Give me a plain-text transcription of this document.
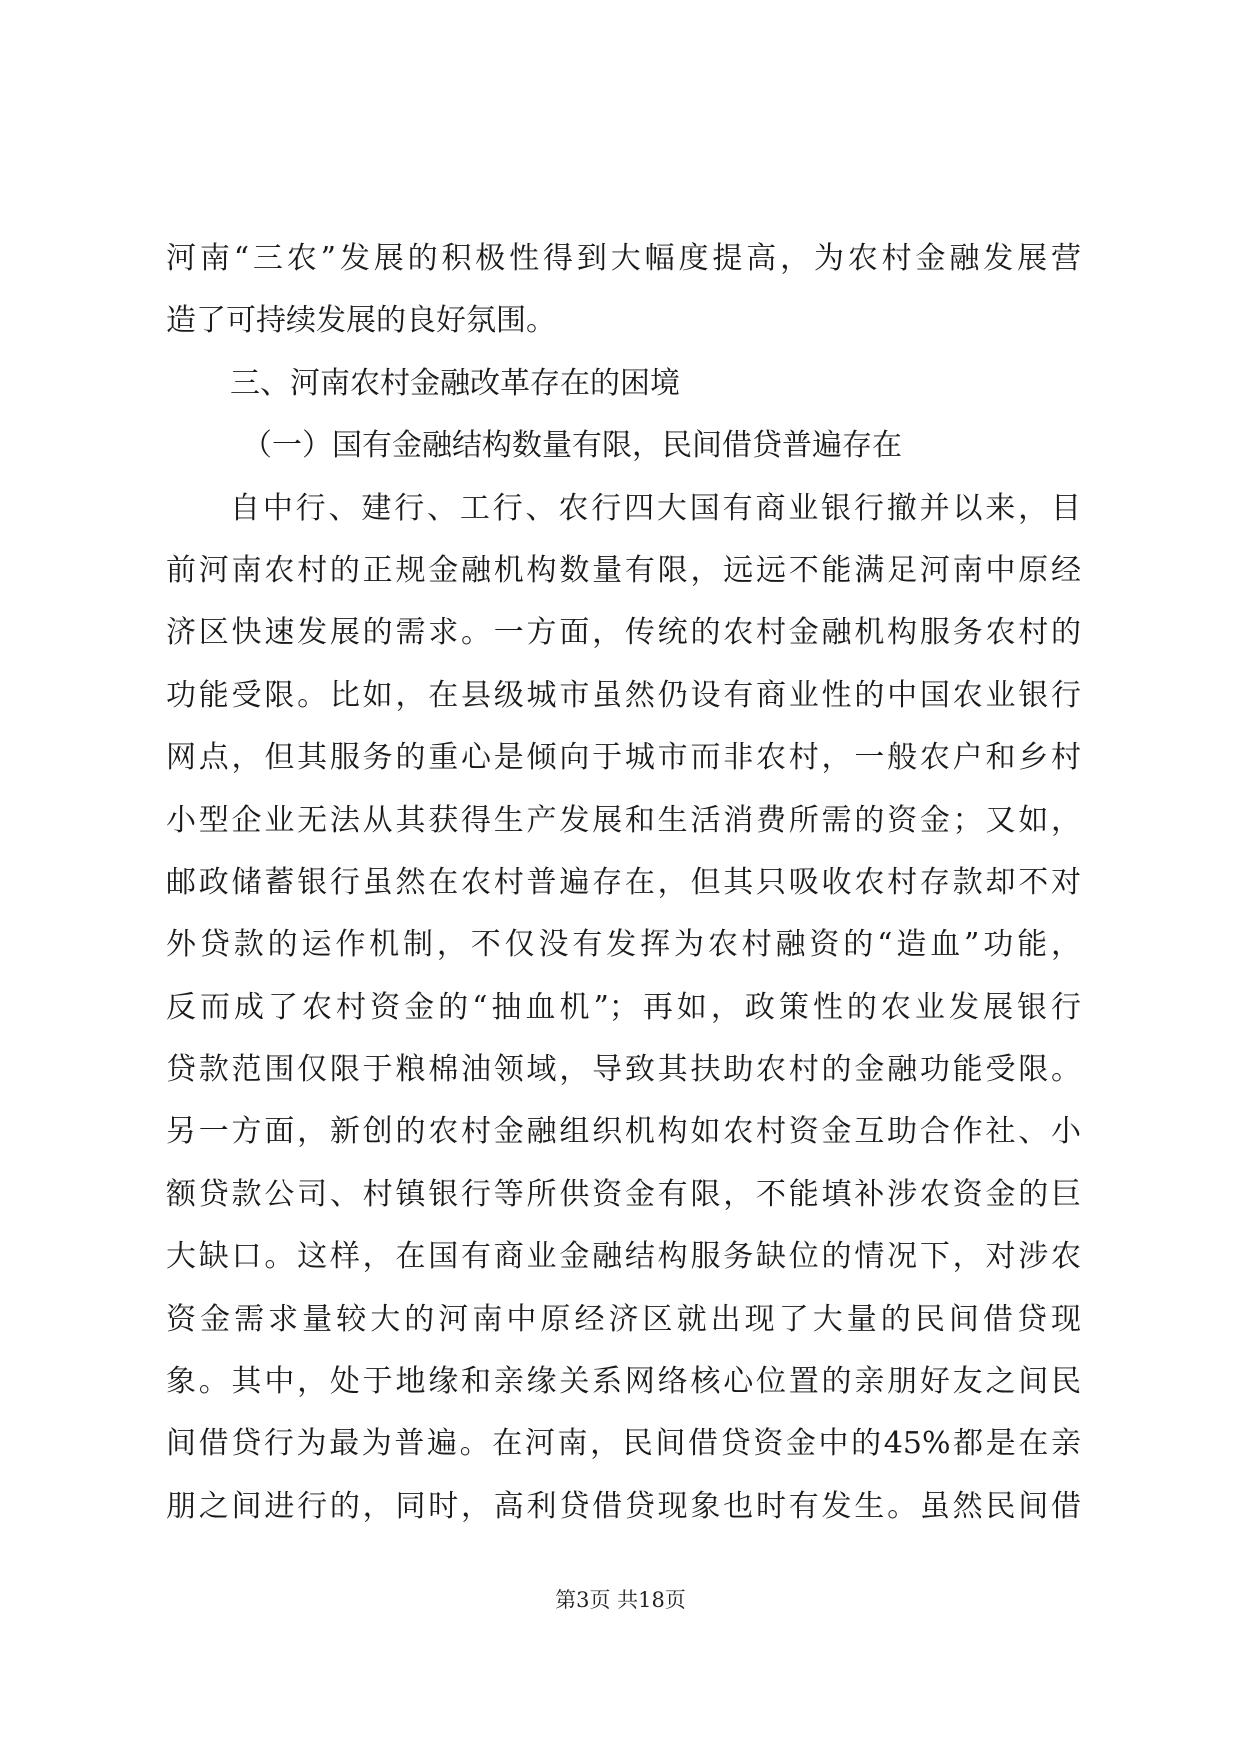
河南“三农”发展的积极性得到大幅度提高，为农村金融发展营
造了可持续发展的良好氛围。
三、河南农村金融改革存在的困境
（一）国有金融结构数量有限，民间借贷普遍存在
自中行、建行、工行、农行四大国有商业银行撤并以来，目
前河南农村的正规金融机构数量有限，远远不能满足河南中原经
济区快速发展的需求。一方面，传统的农村金融机构服务农村的
功能受限。比如，在县级城市虽然仍设有商业性的中国农业银行
网点，但其服务的重心是倾向于城市而非农村，一般农户和乡村
小型企业无法从其获得生产发展和生活消费所需的资金；又如，
邮政储蓄银行虽然在农村普遍存在，但其只吸收农村存款却不对
外贷款的运作机制，不仅没有发挥为农村融资的“造血”功能，
反而成了农村资金的“抽血机”；再如，政策性的农业发展银行
贷款范围仅限于粮棉油领域，导致其扶助农村的金融功能受限。
另一方面，新创的农村金融组织机构如农村资金互助合作社、小
额贷款公司、村镇银行等所供资金有限，不能填补涉农资金的巨
大缺口。这样，在国有商业金融结构服务缺位的情况下，对涉农
资金需求量较大的河南中原经济区就出现了大量的民间借贷现
象。其中，处于地缘和亲缘关系网络核心位置的亲朋好友之间民
间借贷行为最为普遍。在河南，民间借贷资金中的45%都是在亲
朋之间进行的，同时，高利贷借贷现象也时有发生。虽然民间借
第3页 共18页
